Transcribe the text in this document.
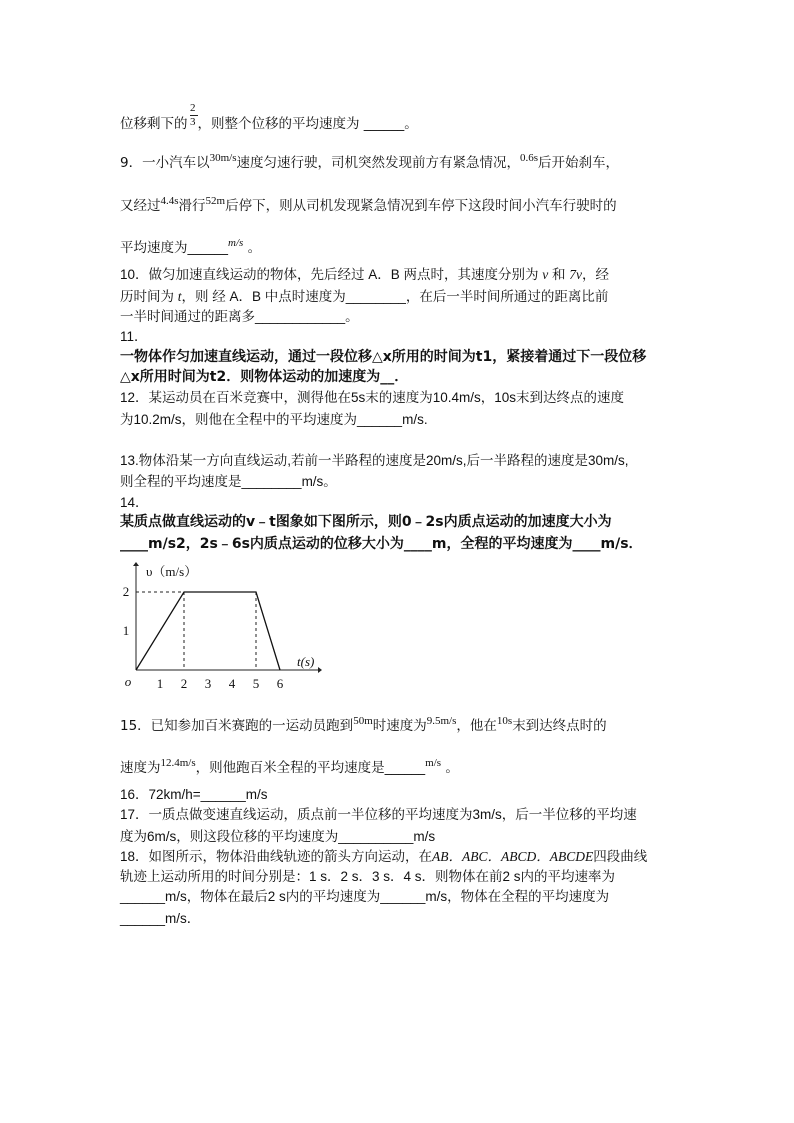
2
3
位移剩下的 ，则整个位移的平均速度为 ______。
9．一小汽车以$^{30m/s}$速度匀速行驶，司机突然发现前方有紧急情况，$^{0.6s}$后开始刹车，
又经过$^{4.4s}$滑行$^{52m}$后停下，则从司机发现紧急情况到车停下这段时间小汽车行驶时的
平均速度为______$^{m/s}$ 。
10．做匀加速直线运动的物体，先后经过 A．B 两点时，其速度分别为 v 和 7v，经
历时间为 t，则 经 A．B 中点时速度为________，在后一半时间所通过的距离比前
一半时间通过的距离多____________。
11．
一物体作匀加速直线运动，通过一段位移△x所用的时间为t1，紧接着通过下一段位移
△x所用时间为t2．则物体运动的加速度为__．
12．某运动员在百米竞赛中，测得他在5s末的速度为10.4m/s，10s末到达终点的速度
为10.2m/s，则他在全程中的平均速度为______m/s.
13.物体沿某一方向直线运动,若前一半路程的速度是20m/s,后一半路程的速度是30m/s,
则全程的平均速度是________m/s。
14．
某质点做直线运动的v﹣t图象如下图所示，则0﹣2s内质点运动的加速度大小为
____m/s2，2s﹣6s内质点运动的位移大小为____m，全程的平均速度为____m/s．
1 2 3 4 5 6
1
2
o
υ（m/s）
t(s)
15．已知参加百米赛跑的一运动员跑到$^{50m}$时速度为$^{9.5m/s}$，他在$^{10s}$末到达终点时的
速度为$^{12.4m/s}$，则他跑百米全程的平均速度是______$^{m/s}$ 。
16．72km/h=______m/s
17．一质点做变速直线运动，质点前一半位移的平均速度为3m/s，后一半位移的平均速
度为6m/s，则这段位移的平均速度为__________m/s
18．如图所示，物体沿曲线轨迹的箭头方向运动，在AB．ABC．ABCD．ABCDE四段曲线
轨迹上运动所用的时间分别是：1 s．2 s．3 s．4 s．则物体在前2 s内的平均速率为
______m/s，物体在最后2 s内的平均速度为______m/s，物体在全程的平均速度为
______m/s．
